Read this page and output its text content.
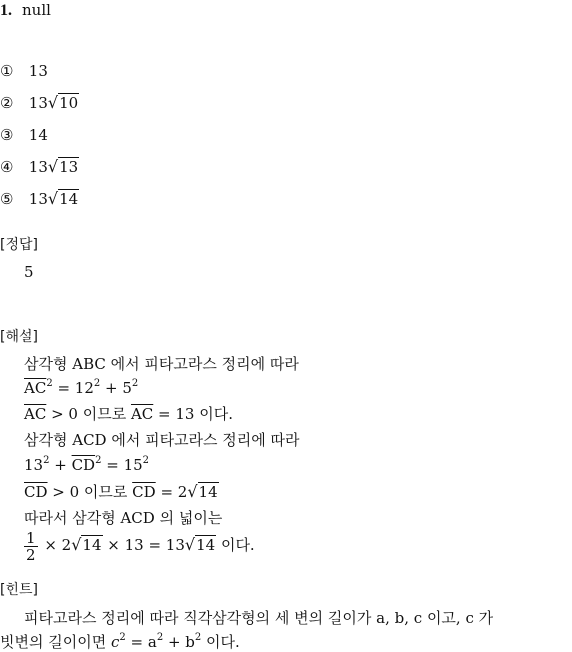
1. null
① 13
② 13√10
③ 14
④ 13√13
⑤ 13√14
[정답]
5
[해설]
삼각형 ABC 에서 피타고라스 정리에 따라
$\overline{AC}^2 = 12^2 + 5^2$
$\overline{AC} > 0$ 이므로 $\overline{AC} = 13$ 이다.
삼각형 ACD 에서 피타고라스 정리에 따라
$13^2 + \overline{CD}^2 = 15^2$
$\overline{CD} > 0$ 이므로 $\overline{CD} = 2√14$
따라서 삼각형 ACD 의 넓이는
$\frac{1}{2} \times 2√14 \times 13 = 13√14$ 이다.
[힌트]
피타고라스 정리에 따라 직각삼각형의 세 변의 길이가 a, b, c 이고, c 가
빗변의 길이이면 $c^2 = a^2 + b^2$ 이다.
